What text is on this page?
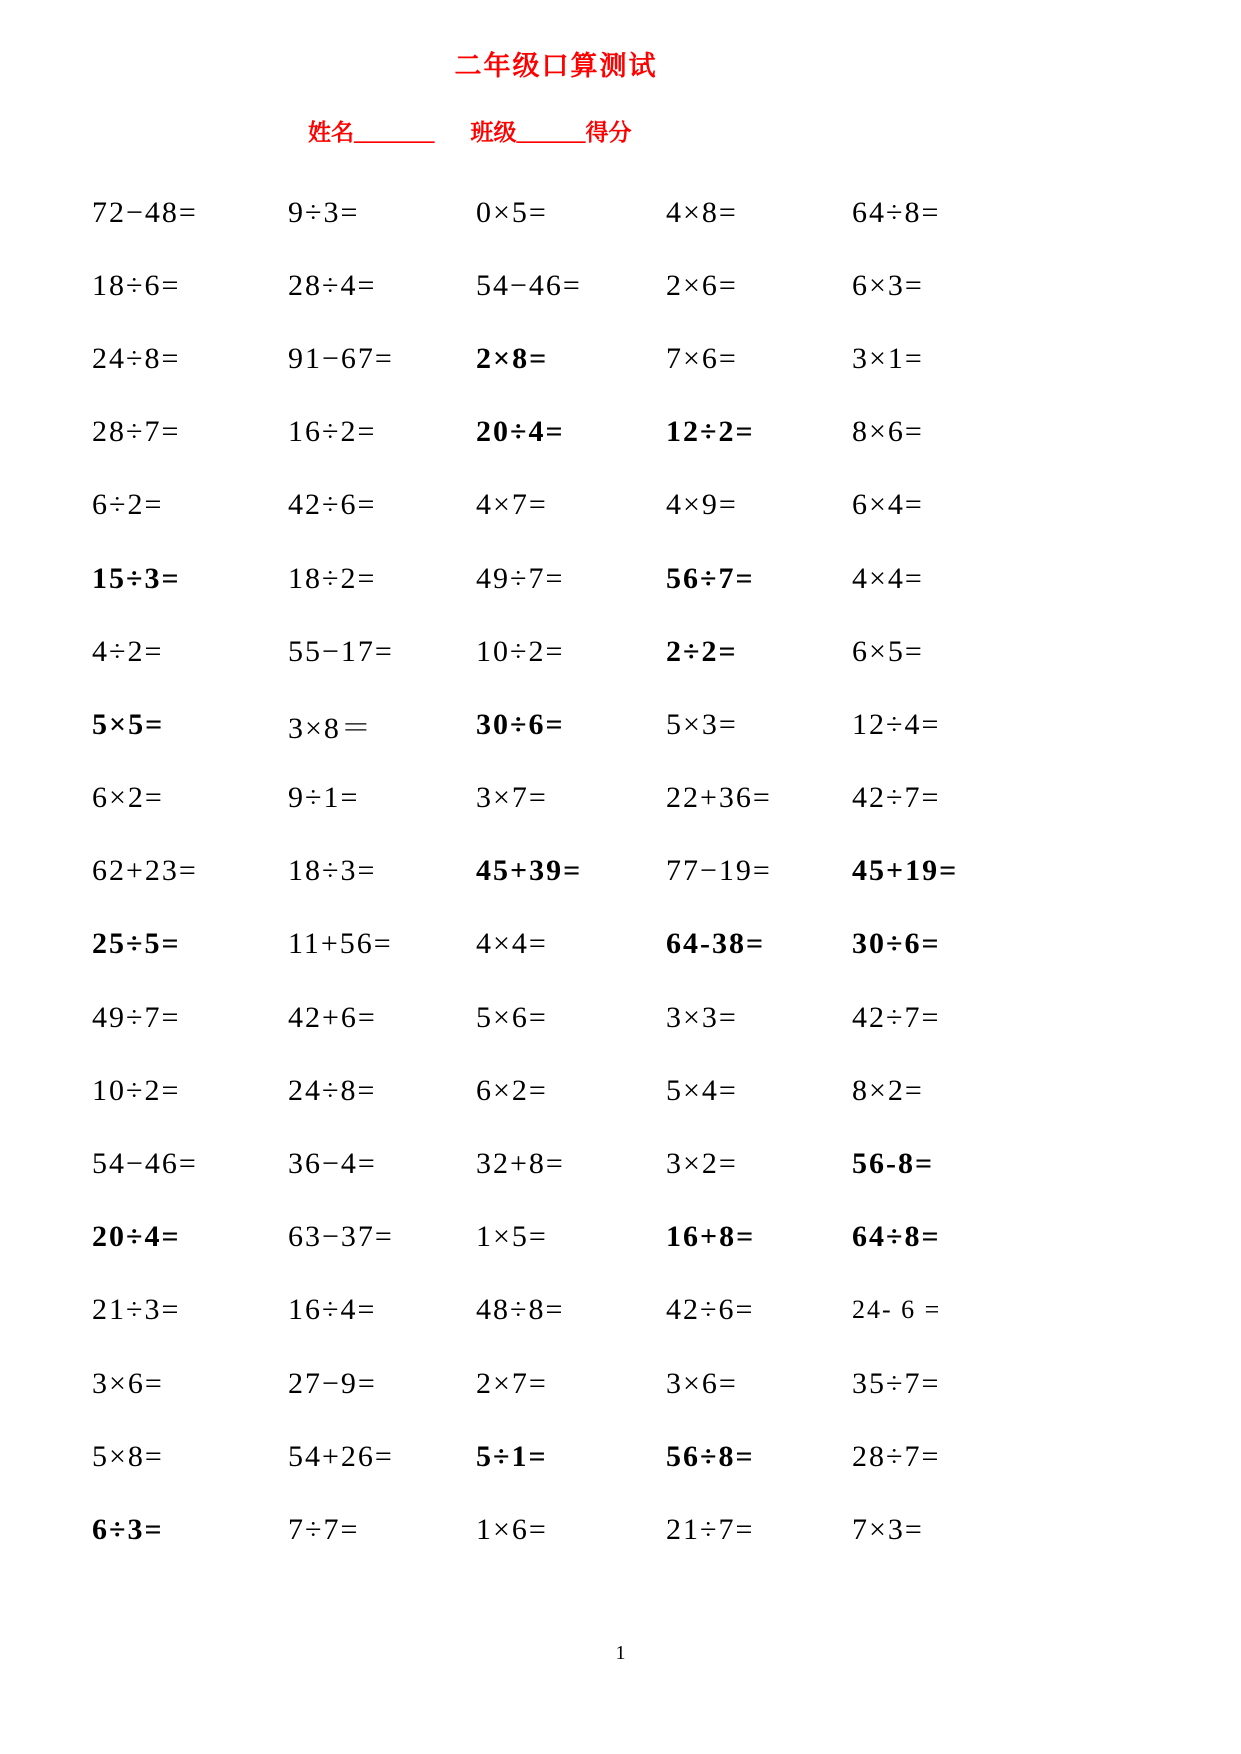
二年级口算测试

姓名_______ 班级______得分

72−48=	9÷3=	0×5=	4×8=	64÷8=
18÷6=	28÷4=	54−46=	2×6=	6×3=
24÷8=	91−67=	2×8=	7×6=	3×1=
28÷7=	16÷2=	20÷4=	12÷2=	8×6=
6÷2=	42÷6=	4×7=	4×9=	6×4=
15÷3=	18÷2=	49÷7=	56÷7=	4×4=
4÷2=	55−17=	10÷2=	2÷2=	6×5=
5×5=	3×8＝	30÷6=	5×3=	12÷4=
6×2=	9÷1=	3×7=	22+36=	42÷7=
62+23=	18÷3=	45+39=	77−19=	45+19=
25÷5=	11+56=	4×4=	64-38=	30÷6=
49÷7=	42+6=	5×6=	3×3=	42÷7=
10÷2=	24÷8=	6×2=	5×4=	8×2=
54−46=	36−4=	32+8=	3×2=	56-8=
20÷4=	63−37=	1×5=	16+8=	64÷8=
21÷3=	16÷4=	48÷8=	42÷6=	24- 6 =
3×6=	27−9=	2×7=	3×6=	35÷7=
5×8=	54+26=	5÷1=	56÷8=	28÷7=
6÷3=	7÷7=	1×6=	21÷7=	7×3=
1
